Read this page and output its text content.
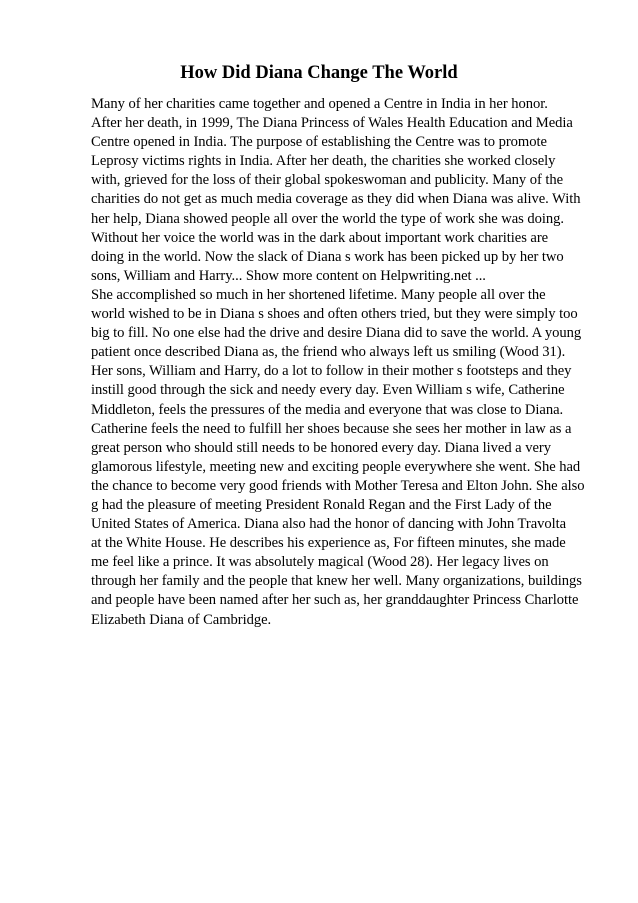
How Did Diana Change The World
Many of her charities came together and opened a Centre in India in her honor.
After her death, in 1999, The Diana Princess of Wales Health Education and Media
Centre opened in India. The purpose of establishing the Centre was to promote
Leprosy victims rights in India. After her death, the charities she worked closely
with, grieved for the loss of their global spokeswoman and publicity. Many of the
charities do not get as much media coverage as they did when Diana was alive. With
her help, Diana showed people all over the world the type of work she was doing.
Without her voice the world was in the dark about important work charities are
doing in the world. Now the slack of Diana s work has been picked up by her two
sons, William and Harry... Show more content on Helpwriting.net ...
She accomplished so much in her shortened lifetime. Many people all over the
world wished to be in Diana s shoes and often others tried, but they were simply too
big to fill. No one else had the drive and desire Diana did to save the world. A young
patient once described Diana as, the friend who always left us smiling (Wood 31).
Her sons, William and Harry, do a lot to follow in their mother s footsteps and they
instill good through the sick and needy every day. Even William s wife, Catherine
Middleton, feels the pressures of the media and everyone that was close to Diana.
Catherine feels the need to fulfill her shoes because she sees her mother in law as a
great person who should still needs to be honored every day. Diana lived a very
glamorous lifestyle, meeting new and exciting people everywhere she went. She had
the chance to become very good friends with Mother Teresa and Elton John. She also
g had the pleasure of meeting President Ronald Regan and the First Lady of the
United States of America. Diana also had the honor of dancing with John Travolta
at the White House. He describes his experience as, For fifteen minutes, she made
me feel like a prince. It was absolutely magical (Wood 28). Her legacy lives on
through her family and the people that knew her well. Many organizations, buildings
and people have been named after her such as, her granddaughter Princess Charlotte
Elizabeth Diana of Cambridge.
